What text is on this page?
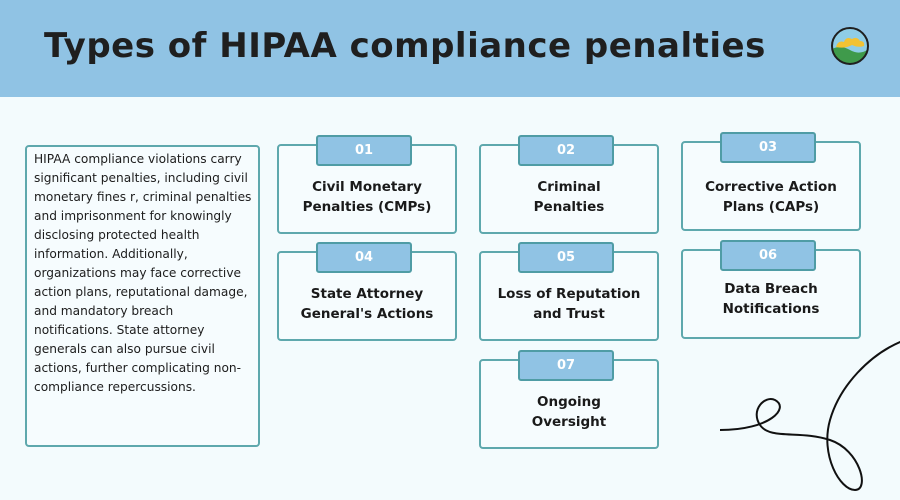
Types of HIPAA compliance penalties

HIPAA compliance violations carry significant penalties, including civil monetary fines r, criminal penalties and imprisonment for knowingly disclosing protected health information. Additionally, organizations may face corrective action plans, reputational damage, and mandatory breach notifications. State attorney generals can also pursue civil actions, further complicating non-compliance repercussions.

01
Civil Monetary Penalties (CMPs)
02
Criminal Penalties
03
Corrective Action Plans (CAPs)
04
State Attorney General's Actions
05
Loss of Reputation and Trust
06
Data Breach Notifications
07
Ongoing Oversight
